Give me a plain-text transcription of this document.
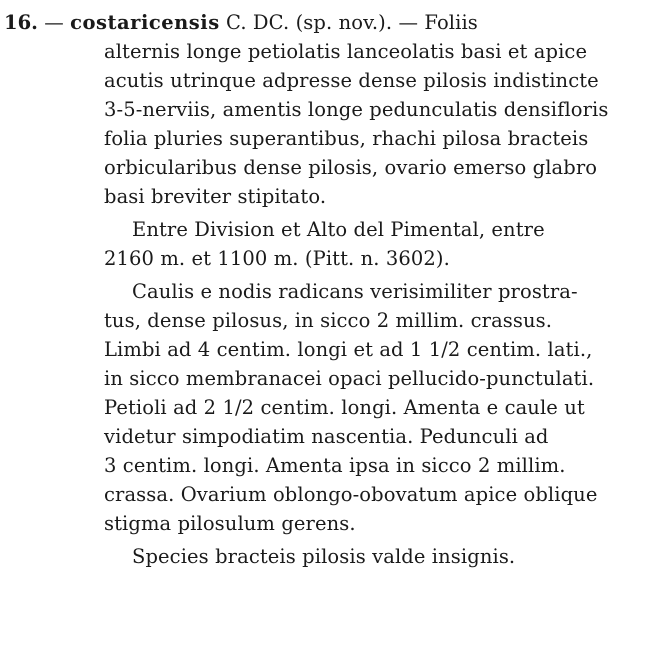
16. — costaricensis C. DC. (sp. nov.). — Foliis
alternis longe petiolatis lanceolatis basi et apice
acutis utrinque adpresse dense pilosis indistincte
3-5-nerviis, amentis longe pedunculatis densifloris
folia pluries superantibus, rhachi pilosa bracteis
orbicularibus dense pilosis, ovario emerso glabro
basi breviter stipitato.
Entre Division et Alto del Pimental, entre
2160 m. et 1100 m. (Pitt. n. 3602).
Caulis e nodis radicans verisimiliter prostra-
tus, dense pilosus, in sicco 2 millim. crassus.
Limbi ad 4 centim. longi et ad 1 1/2 centim. lati.,
in sicco membranacei opaci pellucido-punctulati.
Petioli ad 2 1/2 centim. longi. Amenta e caule ut
videtur simpodiatim nascentia. Pedunculi ad
3 centim. longi. Amenta ipsa in sicco 2 millim.
crassa. Ovarium oblongo-obovatum apice oblique
stigma pilosulum gerens.
Species bracteis pilosis valde insignis.
